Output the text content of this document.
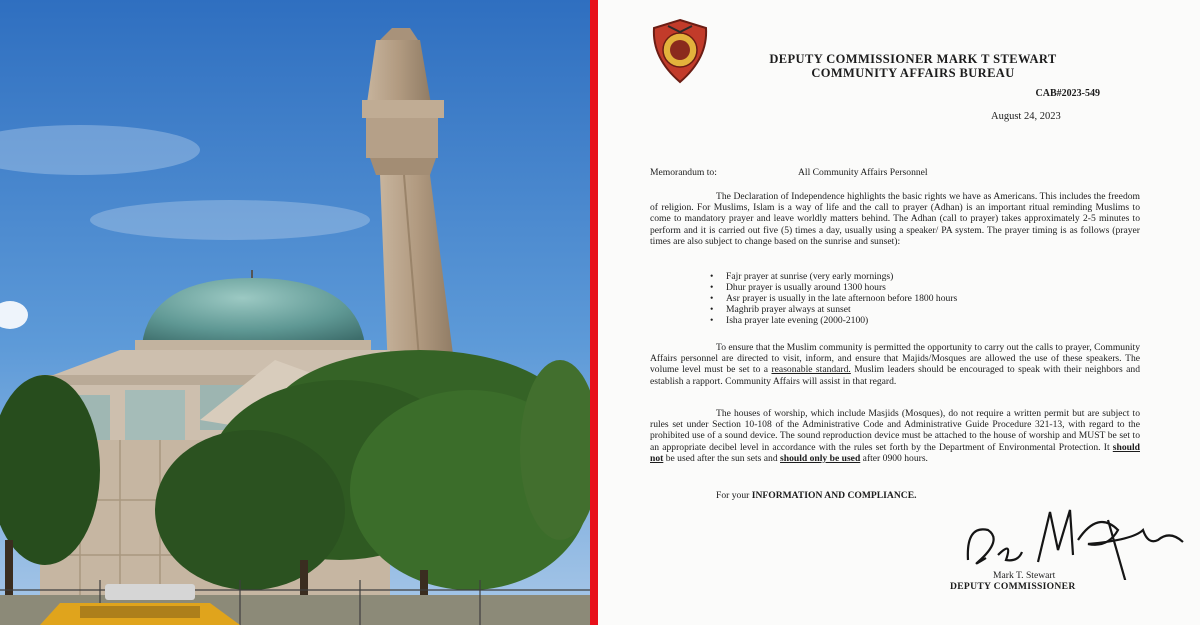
DEPUTY COMMISSIONER MARK T STEWART
COMMUNITY AFFAIRS BUREAU
CAB#2023-549
August 24, 2023
Memorandum to:	All Community Affairs Personnel
The Declaration of Independence highlights the basic rights we have as Americans. This includes the freedom of religion. For Muslims, Islam is a way of life and the call to prayer (Adhan) is an important ritual reminding Muslims to come to mandatory prayer and leave worldly matters behind. The Adhan (call to prayer) takes approximately 2-5 minutes to perform and it is carried out five (5) times a day, usually using a speaker/ PA system. The prayer timing is as follows (prayer times are also subject to change based on the sunrise and sunset):
• Fajr prayer at sunrise (very early mornings)
• Dhur prayer is usually around 1300 hours
• Asr prayer is usually in the late afternoon before 1800 hours
• Maghrib prayer always at sunset
• Isha prayer late evening (2000-2100)
To ensure that the Muslim community is permitted the opportunity to carry out the calls to prayer, Community Affairs personnel are directed to visit, inform, and ensure that Majids/Mosques are allowed the use of these speakers. The volume level must be set to a reasonable standard. Muslim leaders should be encouraged to speak with their neighbors and establish a rapport. Community Affairs will assist in that regard.
The houses of worship, which include Masjids (Mosques), do not require a written permit but are subject to rules set under Section 10-108 of the Administrative Code and Administrative Guide Procedure 321-13, with regard to the prohibited use of a sound device. The sound reproduction device must be attached to the house of worship and MUST be set to an appropriate decibel level in accordance with the rules set forth by the Department of Environmental Protection. It should not be used after the sun sets and should only be used after 0900 hours.
For your INFORMATION AND COMPLIANCE.
Mark T. Stewart
DEPUTY COMMISSIONER
